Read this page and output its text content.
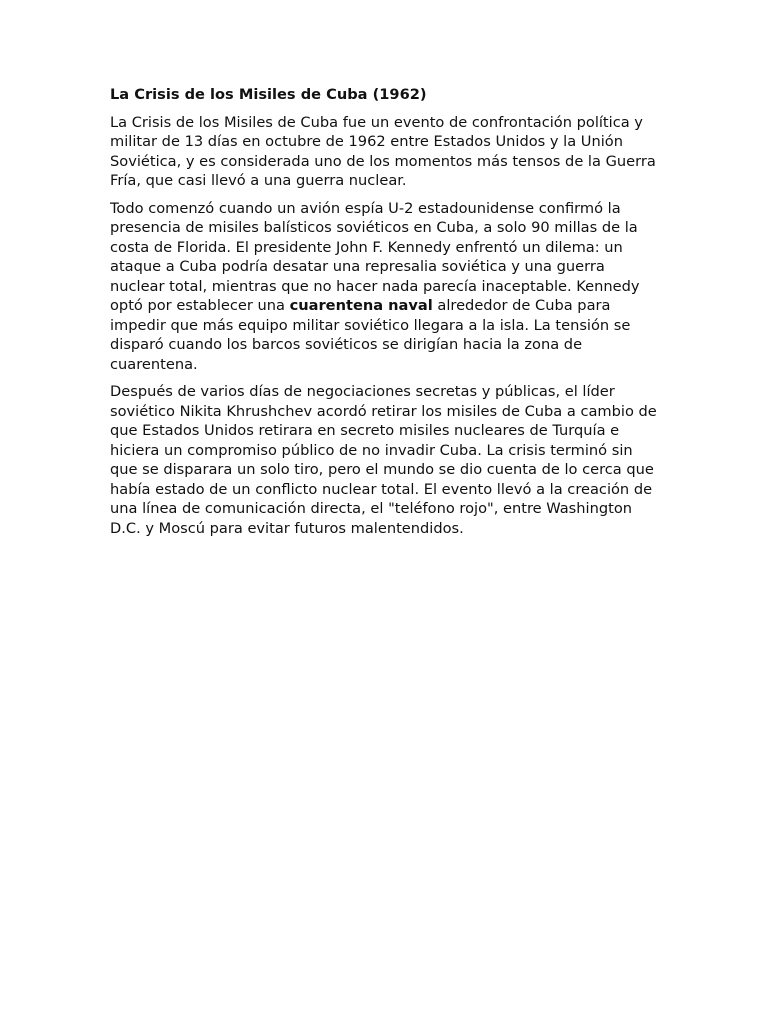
La Crisis de los Misiles de Cuba (1962)

La Crisis de los Misiles de Cuba fue un evento de confrontación política y militar de 13 días en octubre de 1962 entre Estados Unidos y la Unión Soviética, y es considerada uno de los momentos más tensos de la Guerra Fría, que casi llevó a una guerra nuclear.

Todo comenzó cuando un avión espía U-2 estadounidense confirmó la presencia de misiles balísticos soviéticos en Cuba, a solo 90 millas de la costa de Florida. El presidente John F. Kennedy enfrentó un dilema: un ataque a Cuba podría desatar una represalia soviética y una guerra nuclear total, mientras que no hacer nada parecía inaceptable. Kennedy optó por establecer una cuarentena naval alrededor de Cuba para impedir que más equipo militar soviético llegara a la isla. La tensión se disparó cuando los barcos soviéticos se dirigían hacia la zona de cuarentena.

Después de varios días de negociaciones secretas y públicas, el líder soviético Nikita Khrushchev acordó retirar los misiles de Cuba a cambio de que Estados Unidos retirara en secreto misiles nucleares de Turquía e hiciera un compromiso público de no invadir Cuba. La crisis terminó sin que se disparara un solo tiro, pero el mundo se dio cuenta de lo cerca que había estado de un conflicto nuclear total. El evento llevó a la creación de una línea de comunicación directa, el "teléfono rojo", entre Washington D.C. y Moscú para evitar futuros malentendidos.
